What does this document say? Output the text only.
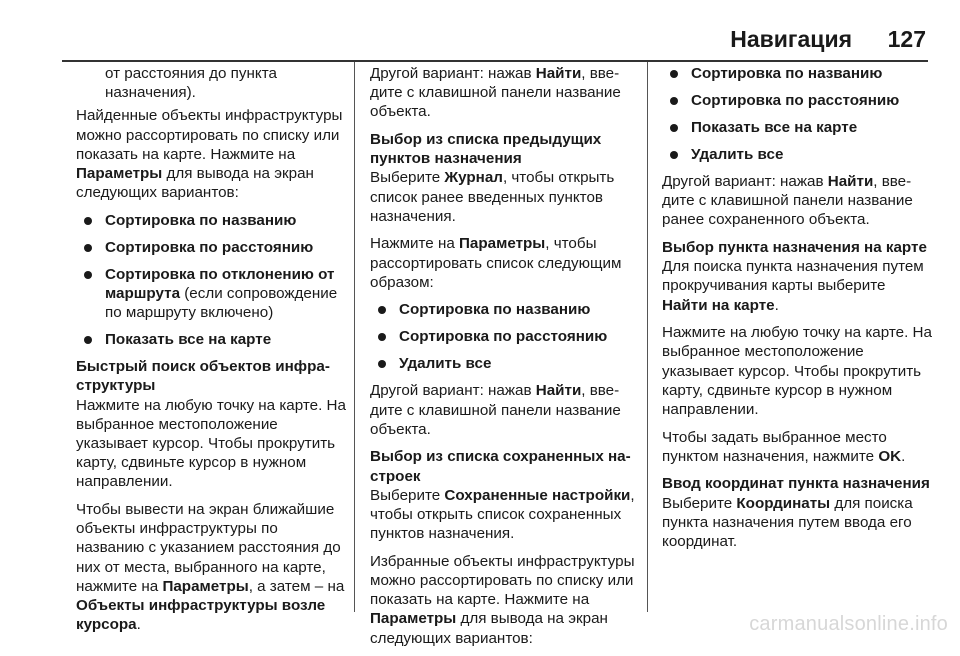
Навигация 127

от расстояния до пункта назначения).

Найденные объекты инфраструктуры можно рассортировать по списку или показать на карте. Нажмите на Параметры для вывода на экран следующих вариантов:

Сортировка по названию
Сортировка по расстоянию
Сортировка по отклонению от маршрута (если сопровождение по маршруту включено)
Показать все на карте

Быстрый поиск объектов инфраструктуры
Нажмите на любую точку на карте. На выбранное местоположение указывает курсор. Чтобы прокрутить карту, сдвиньте курсор в нужном направлении.

Чтобы вывести на экран ближайшие объекты инфраструктуры по названию с указанием расстояния до них от места, выбранного на карте, нажмите на Параметры, а затем – на Объекты инфраструктуры возле курсора.

Другой вариант: нажав Найти, введите с клавишной панели название объекта.

Выбор из списка предыдущих пунктов назначения
Выберите Журнал, чтобы открыть список ранее введенных пунктов назначения.

Нажмите на Параметры, чтобы рассортировать список следующим образом:

Сортировка по названию
Сортировка по расстоянию
Удалить все

Другой вариант: нажав Найти, введите с клавишной панели название объекта.

Выбор из списка сохраненных настроек
Выберите Сохраненные настройки, чтобы открыть список сохраненных пунктов назначения.

Избранные объекты инфраструктуры можно рассортировать по списку или показать на карте. Нажмите на Параметры для вывода на экран следующих вариантов:

Сортировка по названию
Сортировка по расстоянию
Показать все на карте
Удалить все

Другой вариант: нажав Найти, введите с клавишной панели название ранее сохраненного объекта.

Выбор пункта назначения на карте
Для поиска пункта назначения путем прокручивания карты выберите Найти на карте.

Нажмите на любую точку на карте. На выбранное местоположение указывает курсор. Чтобы прокрутить карту, сдвиньте курсор в нужном направлении.

Чтобы задать выбранное место пунктом назначения, нажмите OK.

Ввод координат пункта назначения
Выберите Координаты для поиска пункта назначения путем ввода его координат.

carmanualsonline.info
